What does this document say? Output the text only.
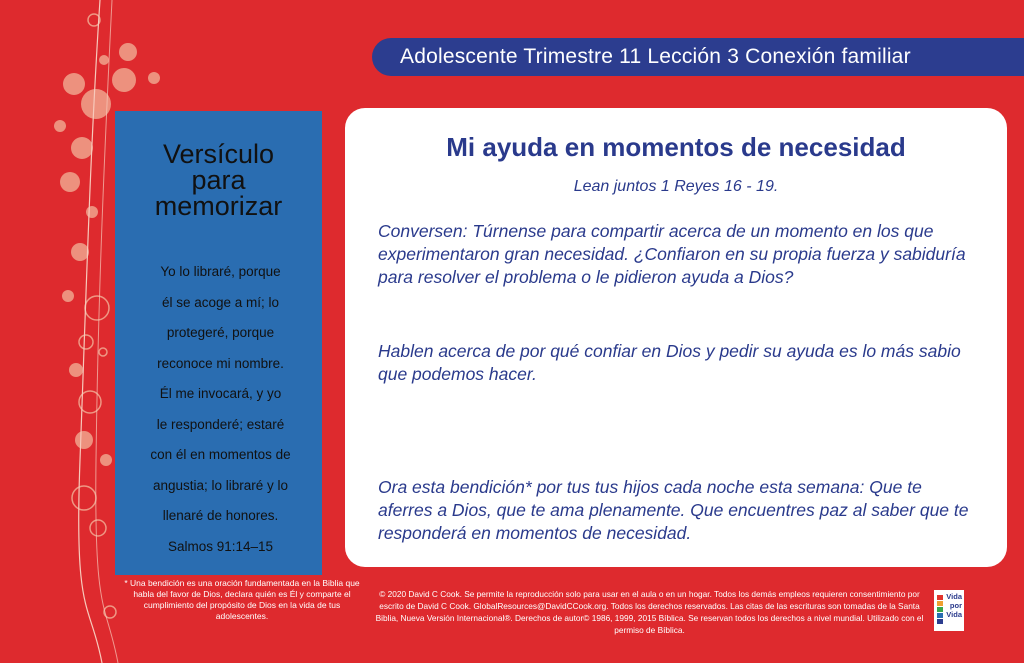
Adolescente Trimestre 11 Lección 3 Conexión familiar
Versículo
para
memorizar
Yo lo libraré, porque
él se acoge a mí; lo
protegeré, porque
reconoce mi nombre.
Él me invocará, y yo
le responderé; estaré
con él en momentos de
angustia; lo libraré y lo
llenaré de honores.
Salmos 91:14–15
Mi ayuda en momentos de necesidad
Lean juntos 1 Reyes 16 - 19.
Conversen: Túrnense para compartir acerca de un momento en los que experimentaron gran necesidad. ¿Confiaron en su propia fuerza y sabiduría para resolver el problema o le pidieron ayuda a Dios?
Hablen acerca de por qué confiar en Dios y pedir su ayuda es lo más sabio que podemos hacer.
Ora esta bendición* por tus tus hijos cada noche esta semana: Que te aferres a Dios, que te ama plenamente. Que encuentres paz al saber que te responderá en momentos de necesidad.
* Una bendición es una oración fundamentada en la Biblia que habla del favor de Dios, declara quién es Él y comparte el cumplimiento del propósito de Dios en la vida de tus adolescentes.
© 2020 David C Cook. Se permite la reproducción solo para usar en el aula o en un hogar. Todos los demás empleos requieren consentimiento por escrito de David C Cook. GlobalResources@DavidCCook.org. Todos los derechos reservados. Las citas de las escrituras son tomadas de la Santa Biblia, Nueva Versión Internacional®. Derechos de autor© 1986, 1999, 2015 Bíblica. Se reservan todos los derechos a nivel mundial. Utilizado con el permiso de Bíblica.
Vida
por
Vida
